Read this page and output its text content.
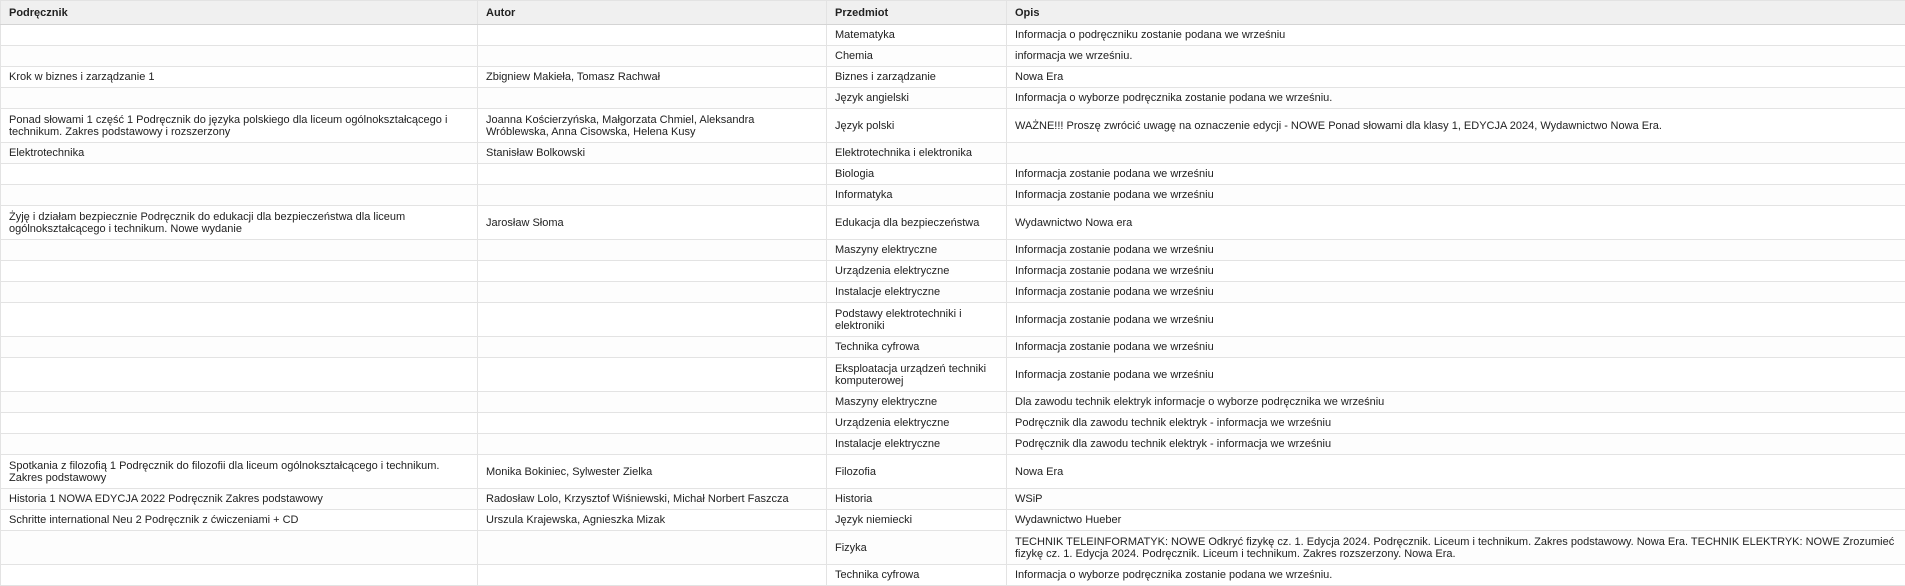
Podręcznik	Autor	Przedmiot	Opis
		Matematyka	Informacja o podręczniku zostanie podana we wrześniu
		Chemia	informacja we wrześniu.
Krok w biznes i zarządzanie 1	Zbigniew Makieła, Tomasz Rachwał	Biznes i zarządzanie	Nowa Era
		Język angielski	Informacja o wyborze podręcznika zostanie podana we wrześniu.
Ponad słowami 1 część 1 Podręcznik do języka polskiego dla liceum ogólnokształcącego i technikum. Zakres podstawowy i rozszerzony	Joanna Kościerzyńska, Małgorzata Chmiel, Aleksandra Wróblewska, Anna Cisowska, Helena Kusy	Język polski	WAŻNE!!! Proszę zwrócić uwagę na oznaczenie edycji - NOWE Ponad słowami dla klasy 1, EDYCJA 2024, Wydawnictwo Nowa Era.
Elektrotechnika	Stanisław Bolkowski	Elektrotechnika i elektronika	
		Biologia	Informacja zostanie podana we wrześniu
		Informatyka	Informacja zostanie podana we wrześniu
Żyję i działam bezpiecznie Podręcznik do edukacji dla bezpieczeństwa dla liceum ogólnokształcącego i technikum. Nowe wydanie	Jarosław Słoma	Edukacja dla bezpieczeństwa	Wydawnictwo Nowa era
		Maszyny elektryczne	Informacja zostanie podana we wrześniu
		Urządzenia elektryczne	Informacja zostanie podana we wrześniu
		Instalacje elektryczne	Informacja zostanie podana we wrześniu
		Podstawy elektrotechniki i elektroniki	Informacja zostanie podana we wrześniu
		Technika cyfrowa	Informacja zostanie podana we wrześniu
		Eksploatacja urządzeń techniki komputerowej	Informacja zostanie podana we wrześniu
		Maszyny elektryczne	Dla zawodu technik elektryk informacje o wyborze podręcznika we wrześniu
		Urządzenia elektryczne	Podręcznik dla zawodu technik elektryk - informacja we wrześniu
		Instalacje elektryczne	Podręcznik dla zawodu technik elektryk - informacja we wrześniu
Spotkania z filozofią 1 Podręcznik do filozofii dla liceum ogólnokształcącego i technikum. Zakres podstawowy	Monika Bokiniec, Sylwester Zielka	Filozofia	Nowa Era
Historia 1 NOWA EDYCJA 2022 Podręcznik Zakres podstawowy	Radosław Lolo, Krzysztof Wiśniewski, Michał Norbert Faszcza	Historia	WSiP
Schritte international Neu 2 Podręcznik z ćwiczeniami + CD	Urszula Krajewska, Agnieszka Mizak	Język niemiecki	Wydawnictwo Hueber
		Fizyka	TECHNIK TELEINFORMATYK: NOWE Odkryć fizykę cz. 1. Edycja 2024. Podręcznik. Liceum i technikum. Zakres podstawowy. Nowa Era. TECHNIK ELEKTRYK: NOWE Zrozumieć fizykę cz. 1. Edycja 2024. Podręcznik. Liceum i technikum. Zakres rozszerzony. Nowa Era.
		Technika cyfrowa	Informacja o wyborze podręcznika zostanie podana we wrześniu.
